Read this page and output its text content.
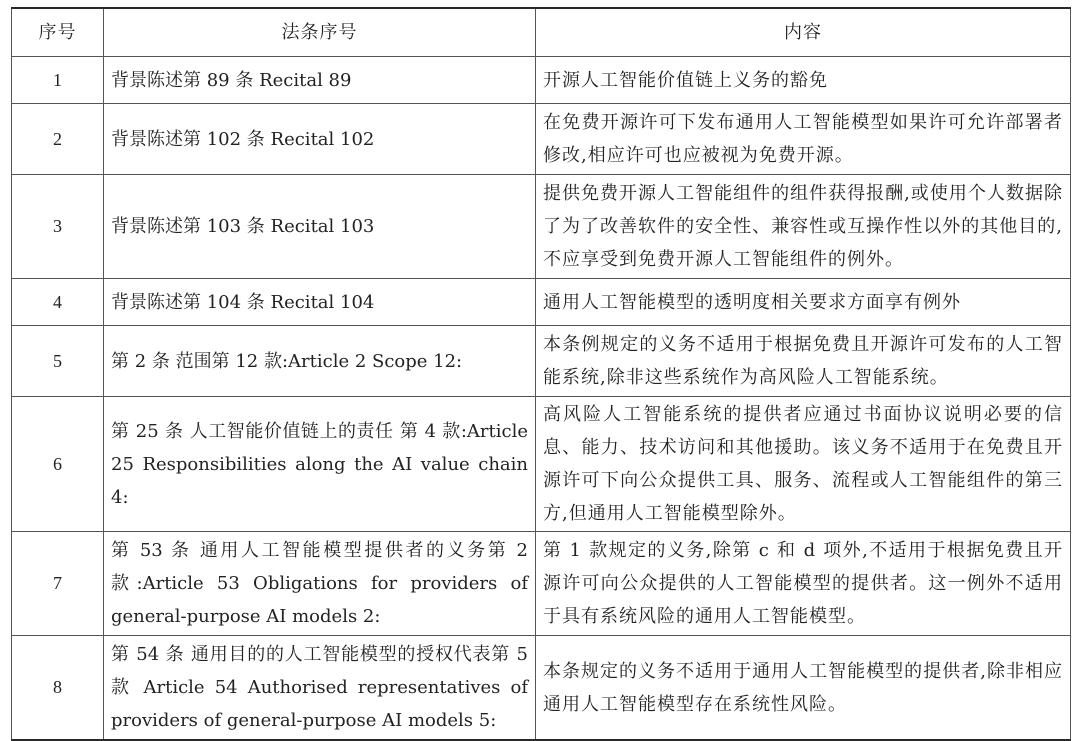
序号	法条序号	内容
1	背景陈述第 89 条 Recital 89	开源人工智能价值链上义务的豁免
2	背景陈述第 102 条 Recital 102	在免费开源许可下发布通用人工智能模型如果许可允许部署者修改,相应许可也应被视为免费开源。
3	背景陈述第 103 条 Recital 103	提供免费开源人工智能组件的组件获得报酬,或使用个人数据除了为了改善软件的安全性、兼容性或互操作性以外的其他目的,不应享受到免费开源人工智能组件的例外。
4	背景陈述第 104 条 Recital 104	通用人工智能模型的透明度相关要求方面享有例外
5	第 2 条 范围第 12 款:Article 2 Scope 12:	本条例规定的义务不适用于根据免费且开源许可发布的人工智能系统,除非这些系统作为高风险人工智能系统。
6	第 25 条 人工智能价值链上的责任 第 4 款:Article 25 Responsibilities along the AI value chain 4:	高风险人工智能系统的提供者应通过书面协议说明必要的信息、能力、技术访问和其他援助。该义务不适用于在免费且开源许可下向公众提供工具、服务、流程或人工智能组件的第三方,但通用人工智能模型除外。
7	第 53 条 通用人工智能模型提供者的义务第 2 款:Article 53 Obligations for providers of general-purpose AI models 2:	第 1 款规定的义务,除第 c 和 d 项外,不适用于根据免费且开源许可向公众提供的人工智能模型的提供者。这一例外不适用于具有系统风险的通用人工智能模型。
8	第 54 条 通用目的的人工智能模型的授权代表第 5 款 Article 54 Authorised representatives of providers of general-purpose AI models 5:	本条规定的义务不适用于通用人工智能模型的提供者,除非相应通用人工智能模型存在系统性风险。
